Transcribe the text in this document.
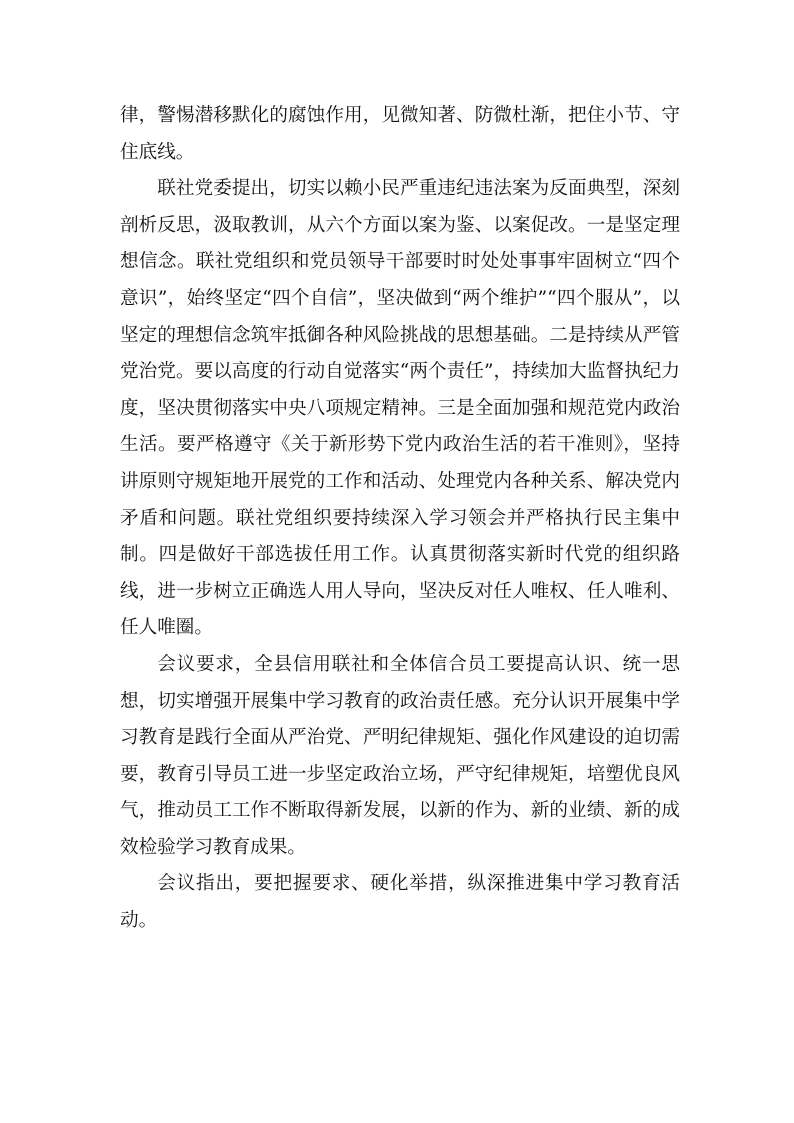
律，警惕潜移默化的腐蚀作用，见微知著、防微杜渐，把住小节、守住底线。

联社党委提出，切实以赖小民严重违纪违法案为反面典型，深刻剖析反思，汲取教训，从六个方面以案为鉴、以案促改。一是坚定理想信念。联社党组织和党员领导干部要时时处处事事牢固树立“四个意识”，始终坚定“四个自信”，坚决做到“两个维护”“四个服从”，以坚定的理想信念筑牢抵御各种风险挑战的思想基础。二是持续从严管党治党。要以高度的行动自觉落实“两个责任”，持续加大监督执纪力度，坚决贯彻落实中央八项规定精神。三是全面加强和规范党内政治生活。要严格遵守《关于新形势下党内政治生活的若干准则》，坚持讲原则守规矩地开展党的工作和活动、处理党内各种关系、解决党内矛盾和问题。联社党组织要持续深入学习领会并严格执行民主集中制。四是做好干部选拔任用工作。认真贯彻落实新时代党的组织路线，进一步树立正确选人用人导向，坚决反对任人唯权、任人唯利、任人唯圈。

会议要求，全县信用联社和全体信合员工要提高认识、统一思想，切实增强开展集中学习教育的政治责任感。充分认识开展集中学习教育是践行全面从严治党、严明纪律规矩、强化作风建设的迫切需要，教育引导员工进一步坚定政治立场，严守纪律规矩，培塑优良风气，推动员工工作不断取得新发展，以新的作为、新的业绩、新的成效检验学习教育成果。

会议指出，要把握要求、硬化举措，纵深推进集中学习教育活动。
